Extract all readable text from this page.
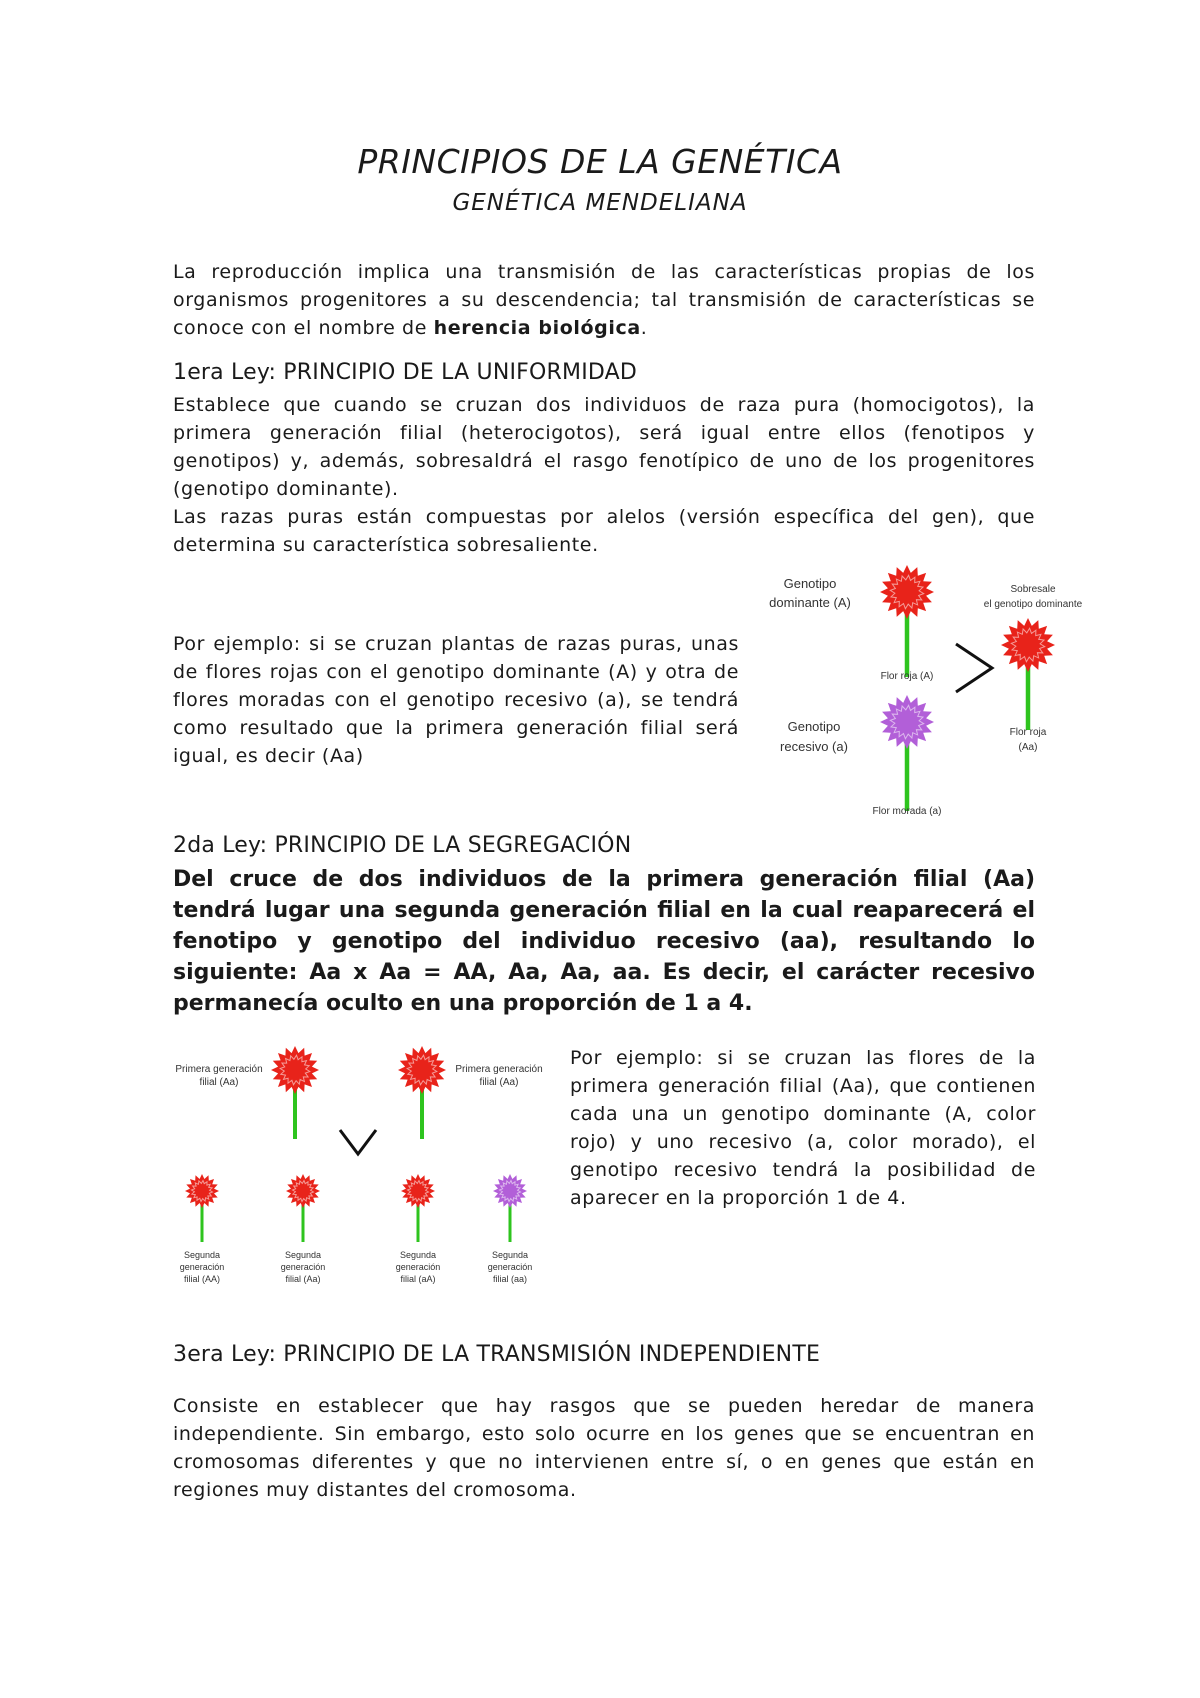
PRINCIPIOS DE LA GENÉTICA
GENÉTICA MENDELIANA
La reproducción implica una transmisión de las características propias de los organismos progenitores a su descendencia; tal transmisión de características se conoce con el nombre de herencia biológica.
1era Ley: PRINCIPIO DE LA UNIFORMIDAD
Establece que cuando se cruzan dos individuos de raza pura (homocigotos), la primera generación filial (heterocigotos), será igual entre ellos (fenotipos y genotipos) y, además, sobresaldrá el rasgo fenotípico de uno de los progenitores (genotipo dominante).
Las razas puras están compuestas por alelos (versión específica del gen), que determina su característica sobresaliente.
Por ejemplo: si se cruzan plantas de razas puras, unas de flores rojas con el genotipo dominante (A) y otra de flores moradas con el genotipo recesivo (a), se tendrá como resultado que la primera generación filial será igual, es decir (Aa)
Genotipo
dominante (A)
Flor roja (A)
Genotipo
recesivo (a)
Flor morada (a)
Sobresale
el genotipo dominante
Flor roja
(Aa)
2da Ley: PRINCIPIO DE LA SEGREGACIÓN
Del cruce de dos individuos de la primera generación filial (Aa) tendrá lugar una segunda generación filial en la cual reaparecerá el fenotipo y genotipo del individuo recesivo (aa), resultando lo siguiente: Aa x Aa = AA, Aa, Aa, aa. Es decir, el carácter recesivo permanecía oculto en una proporción de 1 a 4.
Primera generación
filial (Aa)
Primera generación
filial (Aa)
Segunda
generación
filial (AA)
Segunda
generación
filial (Aa)
Segunda
generación
filial (aA)
Segunda
generación
filial (aa)
Por ejemplo: si se cruzan las flores de la primera generación filial (Aa), que contienen cada una un genotipo dominante (A, color rojo) y uno recesivo (a, color morado), el genotipo recesivo tendrá la posibilidad de aparecer en la proporción 1 de 4.
3era Ley: PRINCIPIO DE LA TRANSMISIÓN INDEPENDIENTE
Consiste en establecer que hay rasgos que se pueden heredar de manera independiente. Sin embargo, esto solo ocurre en los genes que se encuentran en cromosomas diferentes y que no intervienen entre sí, o en genes que están en regiones muy distantes del cromosoma.
